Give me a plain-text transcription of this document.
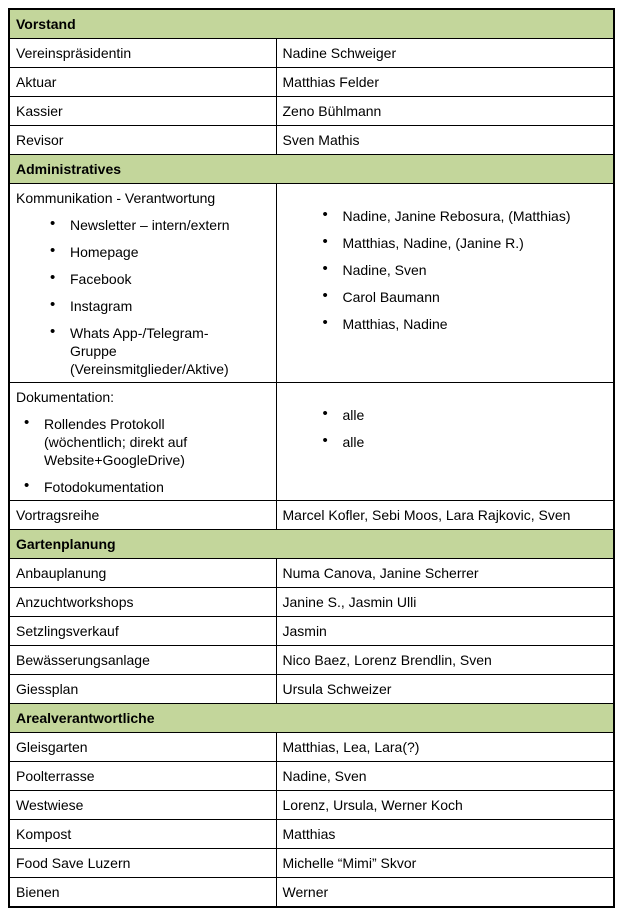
Vorstand	
Vereinspräsidentin	Nadine Schweiger
Aktuar	Matthias Felder
Kassier	Zeno Bühlmann
Revisor	Sven Mathis
Administratives	

Kommunikation - Verantwortung
• Newsletter – intern/extern
• Homepage
• Facebook
• Instagram
• Whats App-/Telegram-Gruppe (Vereinsmitglieder/Aktive)

• Nadine, Janine Rebosura, (Matthias)
• Matthias, Nadine, (Janine R.)
• Nadine, Sven
• Carol Baumann
• Matthias, Nadine

Dokumentation:
• Rollendes Protokoll (wöchentlich; direkt auf Website+GoogleDrive)
• Fotodokumentation

• alle
• alle

Vortragsreihe	Marcel Kofler, Sebi Moos, Lara Rajkovic, Sven
Gartenplanung	
Anbauplanung	Numa Canova, Janine Scherrer
Anzuchtworkshops	Janine S., Jasmin Ulli
Setzlingsverkauf	Jasmin
Bewässerungsanlage	Nico Baez, Lorenz Brendlin, Sven
Giessplan	Ursula Schweizer
Arealverantwortliche	
Gleisgarten	Matthias, Lea, Lara(?)
Poolterrasse	Nadine, Sven
Westwiese	Lorenz, Ursula, Werner Koch
Kompost	Matthias
Food Save Luzern	Michelle “Mimi” Skvor
Bienen	Werner
